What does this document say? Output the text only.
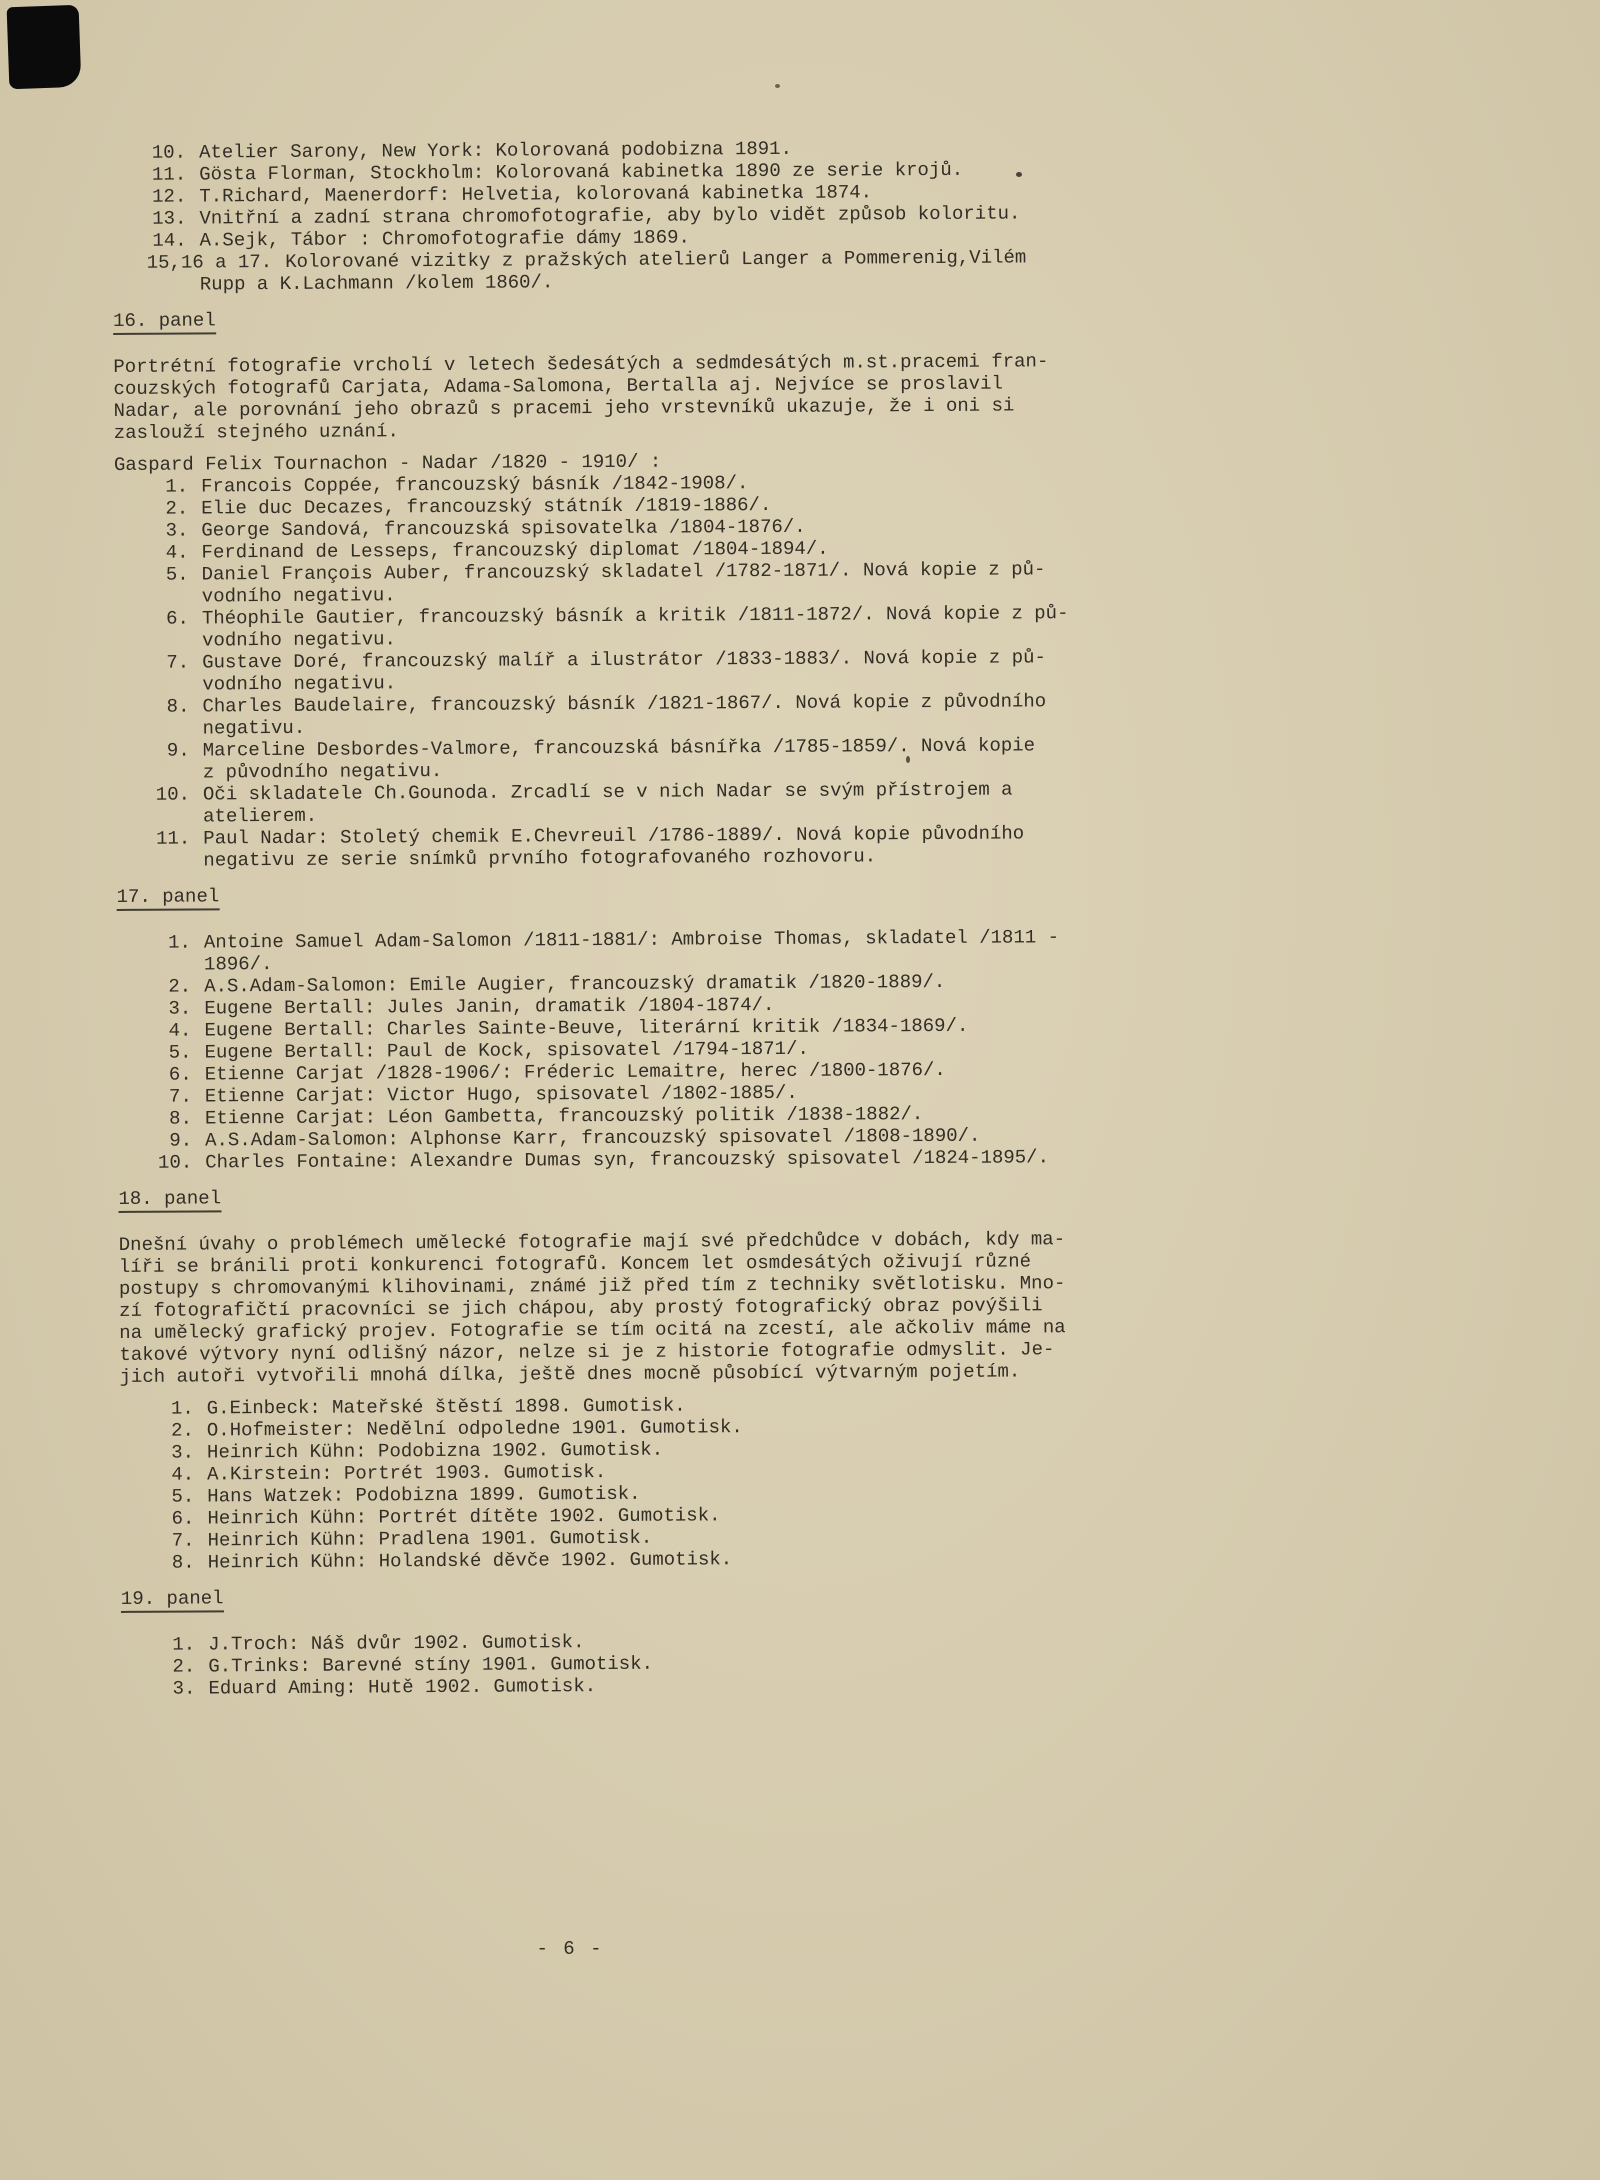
10. Atelier Sarony, New York: Kolorovaná podobizna 1891.
11. Gösta Florman, Stockholm: Kolorovaná kabinetka 1890 ze serie krojů.
12. T.Richard, Maenerdorf: Helvetia, kolorovaná kabinetka 1874.
13. Vnitřní a zadní strana chromofotografie, aby bylo vidět způsob koloritu.
14. A.Sejk, Tábor : Chromofotografie dámy 1869.
15,16 a 17. Kolorované vizitky z pražských atelierů Langer a Pommerenig,Vilém
Rupp a K.Lachmann /kolem 1860/.
16. panel

Portrétní fotografie vrcholí v letech šedesátých a sedmdesátých m.st.pracemi fran-
couzských fotografů Carjata, Adama-Salomona, Bertalla aj. Nejvíce se proslavil
Nadar, ale porovnání jeho obrazů s pracemi jeho vrstevníků ukazuje, že i oni si
zaslouží stejného uznání.

Gaspard Felix Tournachon - Nadar /1820 - 1910/ :

1. Francois Coppée, francouzský básník /1842-1908/.
2. Elie duc Decazes, francouzský státník /1819-1886/.
3. George Sandová, francouzská spisovatelka /1804-1876/.
4. Ferdinand de Lesseps, francouzský diplomat /1804-1894/.
5. Daniel François Auber, francouzský skladatel /1782-1871/. Nová kopie z pů-
vodního negativu.
6. Théophile Gautier, francouzský básník a kritik /1811-1872/. Nová kopie z pů-
vodního negativu.
7. Gustave Doré, francouzský malíř a ilustrátor /1833-1883/. Nová kopie z pů-
vodního negativu.
8. Charles Baudelaire, francouzský básník /1821-1867/. Nová kopie z původního
negativu.
9. Marceline Desbordes-Valmore, francouzská básnířka /1785-1859/. Nová kopie
z původního negativu.
10. Oči skladatele Ch.Gounoda. Zrcadlí se v nich Nadar se svým přístrojem a
atelierem.
11. Paul Nadar: Stoletý chemik E.Chevreuil /1786-1889/. Nová kopie původního
negativu ze serie snímků prvního fotografovaného rozhovoru.
17. panel
1. Antoine Samuel Adam-Salomon /1811-1881/: Ambroise Thomas, skladatel /1811 -
1896/.
2. A.S.Adam-Salomon: Emile Augier, francouzský dramatik /1820-1889/.
3. Eugene Bertall: Jules Janin, dramatik /1804-1874/.
4. Eugene Bertall: Charles Sainte-Beuve, literární kritik /1834-1869/.
5. Eugene Bertall: Paul de Kock, spisovatel /1794-1871/.
6. Etienne Carjat /1828-1906/: Fréderic Lemaitre, herec /1800-1876/.
7. Etienne Carjat: Victor Hugo, spisovatel /1802-1885/.
8. Etienne Carjat: Léon Gambetta, francouzský politik /1838-1882/.
9. A.S.Adam-Salomon: Alphonse Karr, francouzský spisovatel /1808-1890/.
10. Charles Fontaine: Alexandre Dumas syn, francouzský spisovatel /1824-1895/.
18. panel

Dnešní úvahy o problémech umělecké fotografie mají své předchůdce v dobách, kdy ma-
líři se bránili proti konkurenci fotografů. Koncem let osmdesátých oživují různé
postupy s chromovanými klihovinami, známé již před tím z techniky světlotisku. Mno-
zí fotografičtí pracovníci se jich chápou, aby prostý fotografický obraz povýšili
na umělecký grafický projev. Fotografie se tím ocitá na zcestí, ale ačkoliv máme na
takové výtvory nyní odlišný názor, nelze si je z historie fotografie odmyslit. Je-
jich autoři vytvořili mnohá dílka, ještě dnes mocně působící výtvarným pojetím.

1. G.Einbeck: Mateřské štěstí 1898. Gumotisk.
2. O.Hofmeister: Nedělní odpoledne 1901. Gumotisk.
3. Heinrich Kühn: Podobizna 1902. Gumotisk.
4. A.Kirstein: Portrét 1903. Gumotisk.
5. Hans Watzek: Podobizna 1899. Gumotisk.
6. Heinrich Kühn: Portrét dítěte 1902. Gumotisk.
7. Heinrich Kühn: Pradlena 1901. Gumotisk.
8. Heinrich Kühn: Holandské děvče 1902. Gumotisk.
19. panel
1. J.Troch: Náš dvůr 1902. Gumotisk.
2. G.Trinks: Barevné stíny 1901. Gumotisk.
3. Eduard Aming: Hutě 1902. Gumotisk.
- 6 -
